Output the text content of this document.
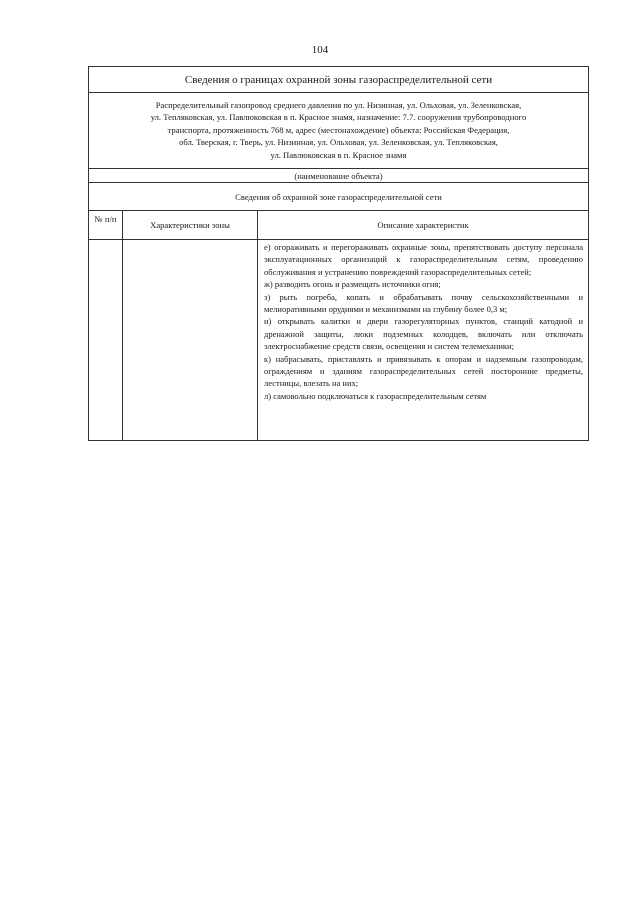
104
Сведения о границах охранной зоны газораспределительной сети
Распределительный газопровод среднего давления по ул. Низинная, ул. Ольховая, ул. Зеленковская,
ул. Тепляковская, ул. Павлюковская в п. Красное знамя, назначение: 7.7. сооружения трубопроводного
транспорта, протяженность 768 м, адрес (местонахождение) объекта: Российская Федерация,
обл. Тверская, г. Тверь, ул. Низинная, ул. Ольховая, ул. Зеленковская, ул. Тепляковская,
ул. Павлюковская в п. Красное знамя
(наименование объекта)
Сведения об охранной зоне газораспределительной сети
№ п/п
Характеристики зоны	Описание характеристик
е) огораживать и перегораживать охранные зоны, препятствовать доступу персонала эксплуатационных организаций к газораспределительным сетям, проведению обслуживания и устранению повреждений газораспределительных сетей;
ж) разводить огонь и размещать источники огня;
з) рыть погреба, копать и обрабатывать почву сельскохозяйственными и мелиоративными орудиями и механизмами на глубину более 0,3 м;
и) открывать калитки и двери газорегуляторных пунктов, станций катодной и дренажной защиты, люки подземных колодцев, включать или отключать электроснабжение средств связи, освещения и систем телемеханики;
к) набрасывать, приставлять и привязывать к опорам и надземным газопроводам, ограждениям и зданиям газораспределительных сетей посторонние предметы, лестницы, влезать на них;
л) самовольно подключаться к газораспределительным сетям
